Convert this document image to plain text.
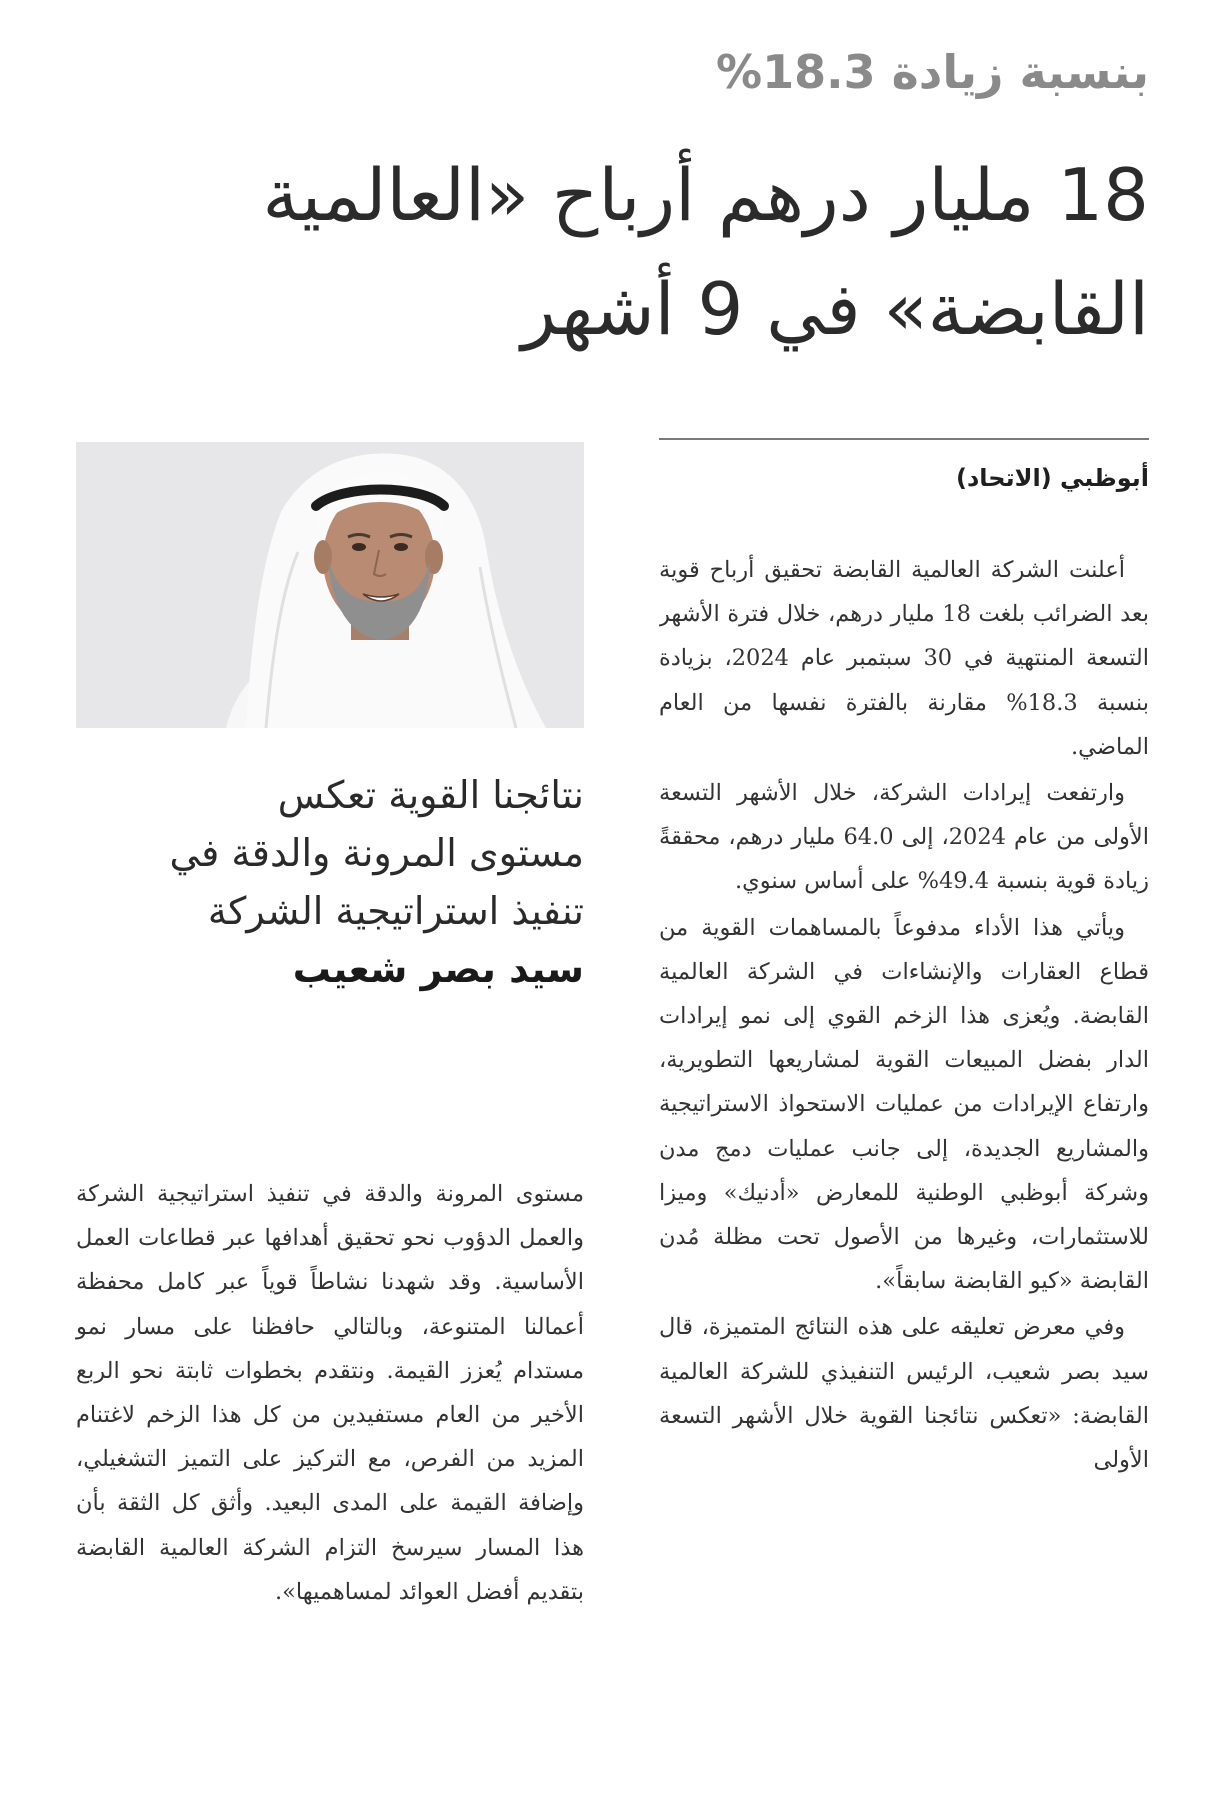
بنسبة زيادة 18.3%
18 مليار درهم أرباح «العالمية
القابضة» في 9 أشهر
أبوظبي (الاتحاد)

أعلنت الشركة العالمية القابضة تحقيق أرباح قوية بعد الضرائب بلغت 18 مليار درهم، خلال فترة الأشهر التسعة المنتهية في 30 سبتمبر عام 2024، بزيادة بنسبة 18.3% مقارنة بالفترة نفسها من العام الماضي.

وارتفعت إيرادات الشركة، خلال الأشهر التسعة الأولى من عام 2024، إلى 64.0 مليار درهم، محققةً زيادة قوية بنسبة 49.4% على أساس سنوي.

ويأتي هذا الأداء مدفوعاً بالمساهمات القوية من قطاع العقارات والإنشاءات في الشركة العالمية القابضة. ويُعزى هذا الزخم القوي إلى نمو إيرادات الدار بفضل المبيعات القوية لمشاريعها التطويرية، وارتفاع الإيرادات من عمليات الاستحواذ الاستراتيجية والمشاريع الجديدة، إلى جانب عمليات دمج مدن وشركة أبوظبي الوطنية للمعارض «أدنيك» وميزا للاستثمارات، وغيرها من الأصول تحت مظلة مُدن القابضة «كيو القابضة سابقاً».

وفي معرض تعليقه على هذه النتائج المتميزة، قال سيد بصر شعيب، الرئيس التنفيذي للشركة العالمية القابضة: «تعكس نتائجنا القوية خلال الأشهر التسعة الأولى

نتائجنا القوية تعكس
مستوى المرونة والدقة في
تنفيذ استراتيجية الشركة
سيد بصر شعيب

مستوى المرونة والدقة في تنفيذ استراتيجية الشركة والعمل الدؤوب نحو تحقيق أهدافها عبر قطاعات العمل الأساسية. وقد شهدنا نشاطاً قوياً عبر كامل محفظة أعمالنا المتنوعة، وبالتالي حافظنا على مسار نمو مستدام يُعزز القيمة. ونتقدم بخطوات ثابتة نحو الربع الأخير من العام مستفيدين من كل هذا الزخم لاغتنام المزيد من الفرص، مع التركيز على التميز التشغيلي، وإضافة القيمة على المدى البعيد. وأثق كل الثقة بأن هذا المسار سيرسخ التزام الشركة العالمية القابضة بتقديم أفضل العوائد لمساهميها».
